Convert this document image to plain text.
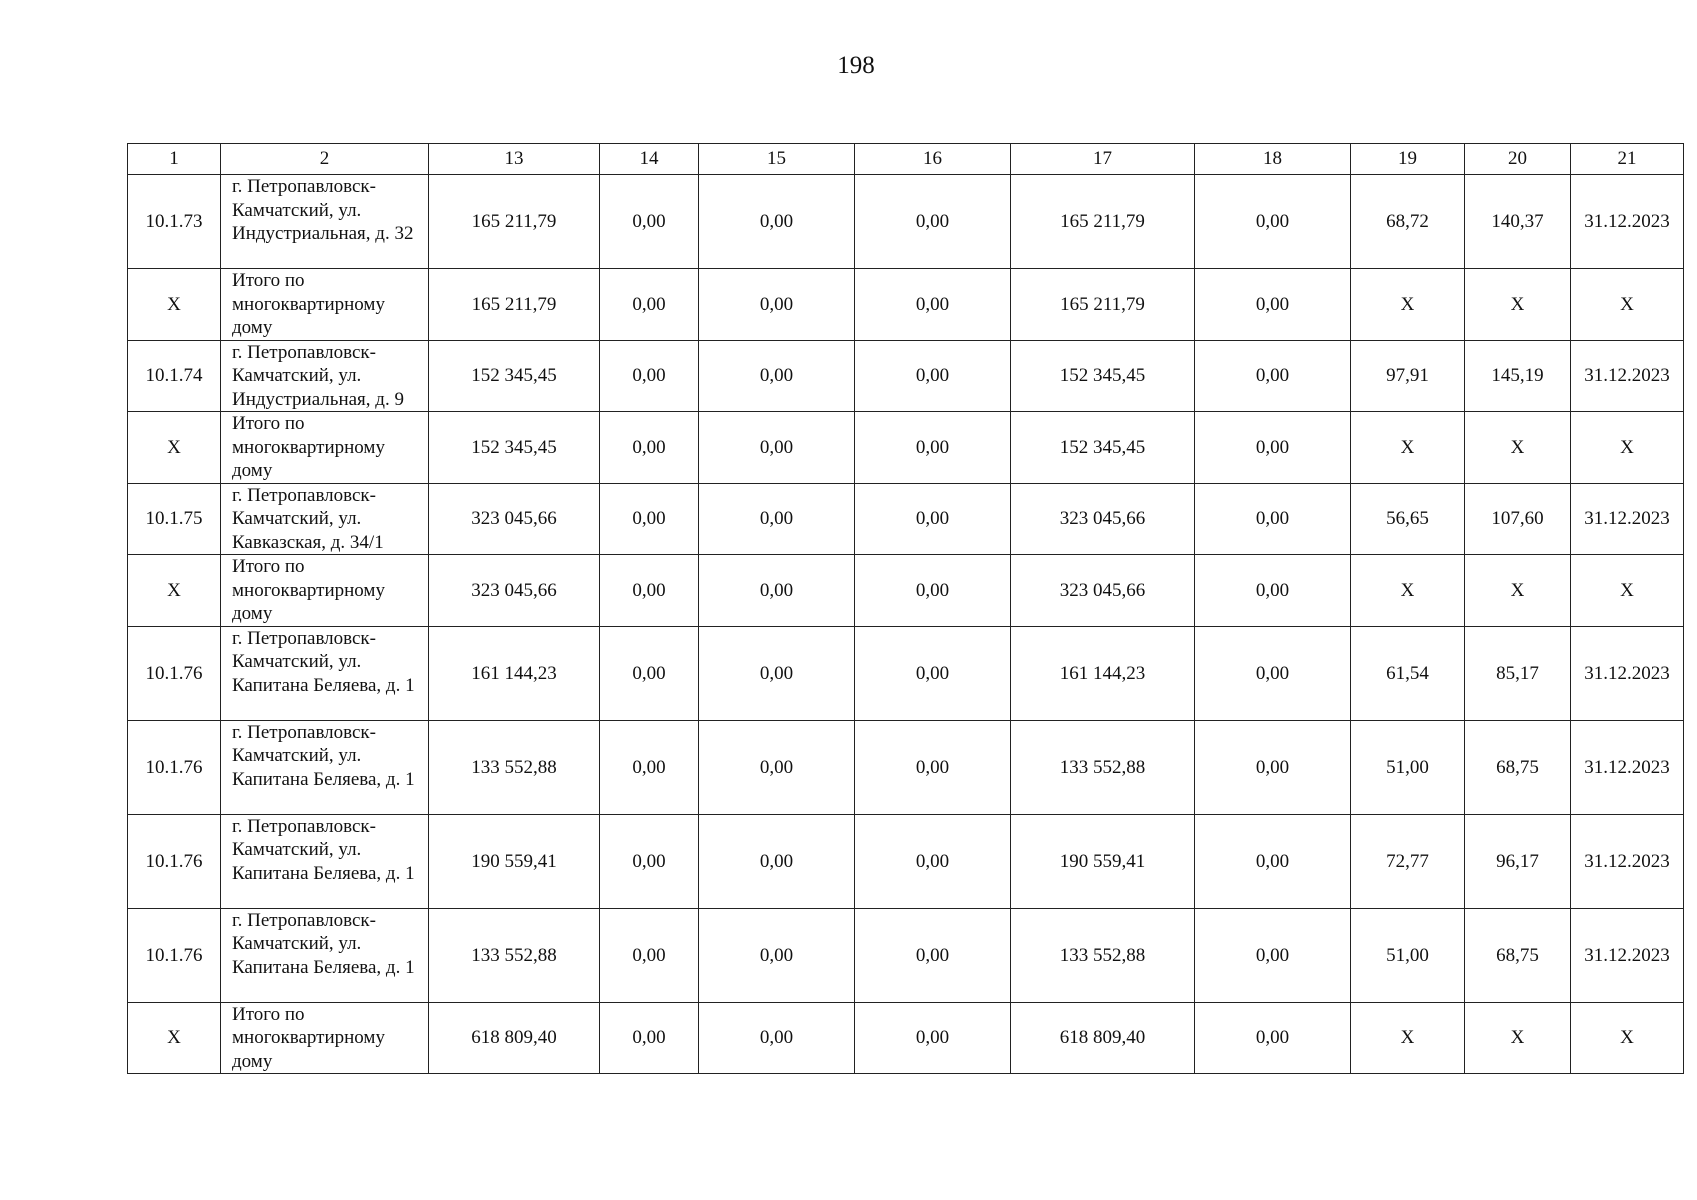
198
1	2	13	14	15	16	17	18	19	20	21
10.1.73	г. Петропавловск-Камчатский, ул. Индустриальная, д. 32	165 211,79	0,00	0,00	0,00	165 211,79	0,00	68,72	140,37	31.12.2023
X	Итого по многоквартирному дому	165 211,79	0,00	0,00	0,00	165 211,79	0,00	X	X	X
10.1.74	г. Петропавловск-Камчатский, ул. Индустриальная, д. 9	152 345,45	0,00	0,00	0,00	152 345,45	0,00	97,91	145,19	31.12.2023
X	Итого по многоквартирному дому	152 345,45	0,00	0,00	0,00	152 345,45	0,00	X	X	X
10.1.75	г. Петропавловск-Камчатский, ул. Кавказская, д. 34/1	323 045,66	0,00	0,00	0,00	323 045,66	0,00	56,65	107,60	31.12.2023
X	Итого по многоквартирному дому	323 045,66	0,00	0,00	0,00	323 045,66	0,00	X	X	X
10.1.76	г. Петропавловск-Камчатский, ул. Капитана Беляева, д. 1	161 144,23	0,00	0,00	0,00	161 144,23	0,00	61,54	85,17	31.12.2023
10.1.76	г. Петропавловск-Камчатский, ул. Капитана Беляева, д. 1	133 552,88	0,00	0,00	0,00	133 552,88	0,00	51,00	68,75	31.12.2023
10.1.76	г. Петропавловск-Камчатский, ул. Капитана Беляева, д. 1	190 559,41	0,00	0,00	0,00	190 559,41	0,00	72,77	96,17	31.12.2023
10.1.76	г. Петропавловск-Камчатский, ул. Капитана Беляева, д. 1	133 552,88	0,00	0,00	0,00	133 552,88	0,00	51,00	68,75	31.12.2023
X	Итого по многоквартирному дому	618 809,40	0,00	0,00	0,00	618 809,40	0,00	X	X	X
